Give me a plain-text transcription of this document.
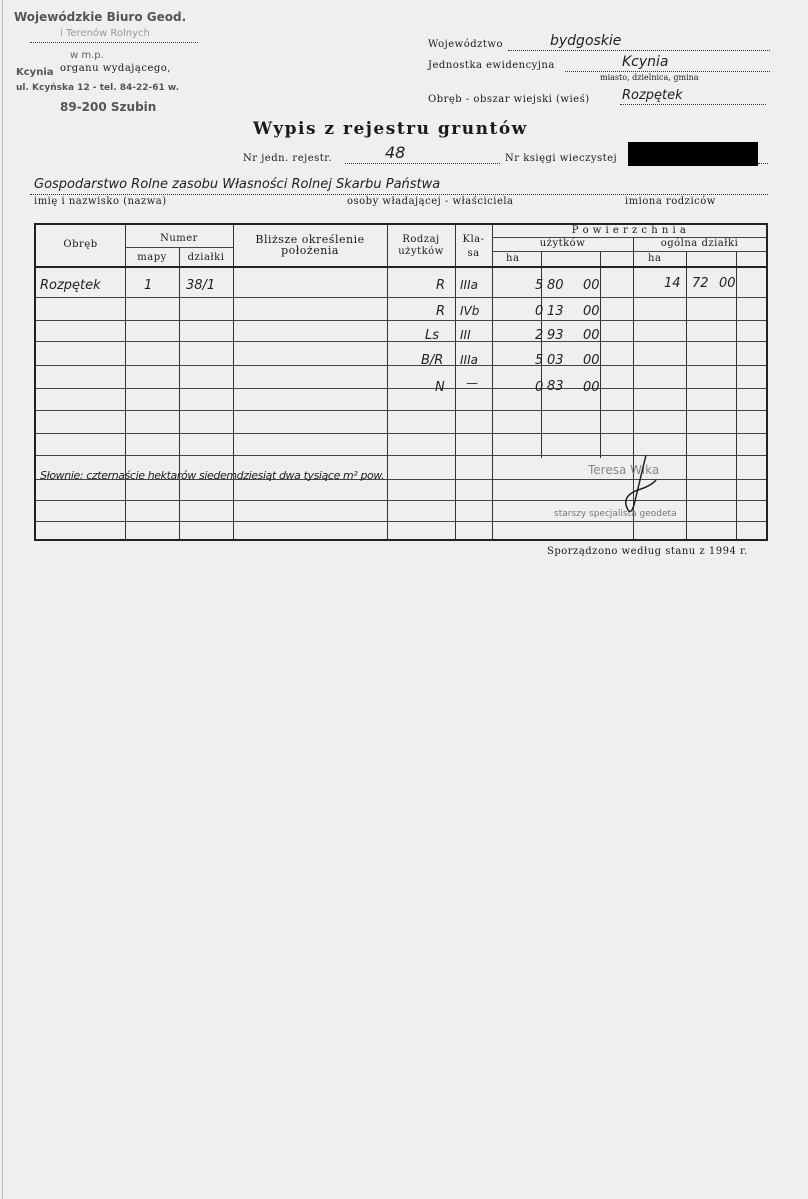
Wojewódzkie Biuro Geod.
i Terenów Rolnych
w m.p.
organu wydającego,
Kcynia
ul. Kcyńska 12 - tel. 84-22-61 w.
89-200 Szubin
Województwo	bydgoskie
Jednostka ewidencyjna	Kcynia
miasto, dzielnica, gmina
Obręb - obszar wiejski (wieś) Rozpętek
Wypis z rejestru gruntów
Nr jedn. rejestr.	48	Nr księgi wieczystej
Gospodarstwo Rolne zasobu Własności Rolnej Skarbu Państwa
imię i nazwisko (nazwa)	osoby władającej - właściciela	imiona rodziców
Obręb
Numer
mapy	działki
Bliższe określenie
położenia
Rodzaj
użytków
Kla-
sa
P o w i e r z c h n i a
użytków	ogólna działki
ha	ha
Rozpętek	1	38/1	R IIIa	5 80 00	14 72 00
R IVb	0 13 00
Ls III	2 93 00
B/R IIIa	5 03 00
N —	0 83 00
Słownie: czternaście hektarów siedemdziesiąt dwa tysiące m² pow.	Teresa Wika
starszy specjalista geodeta
Sporządzono według stanu z 1994 r.
